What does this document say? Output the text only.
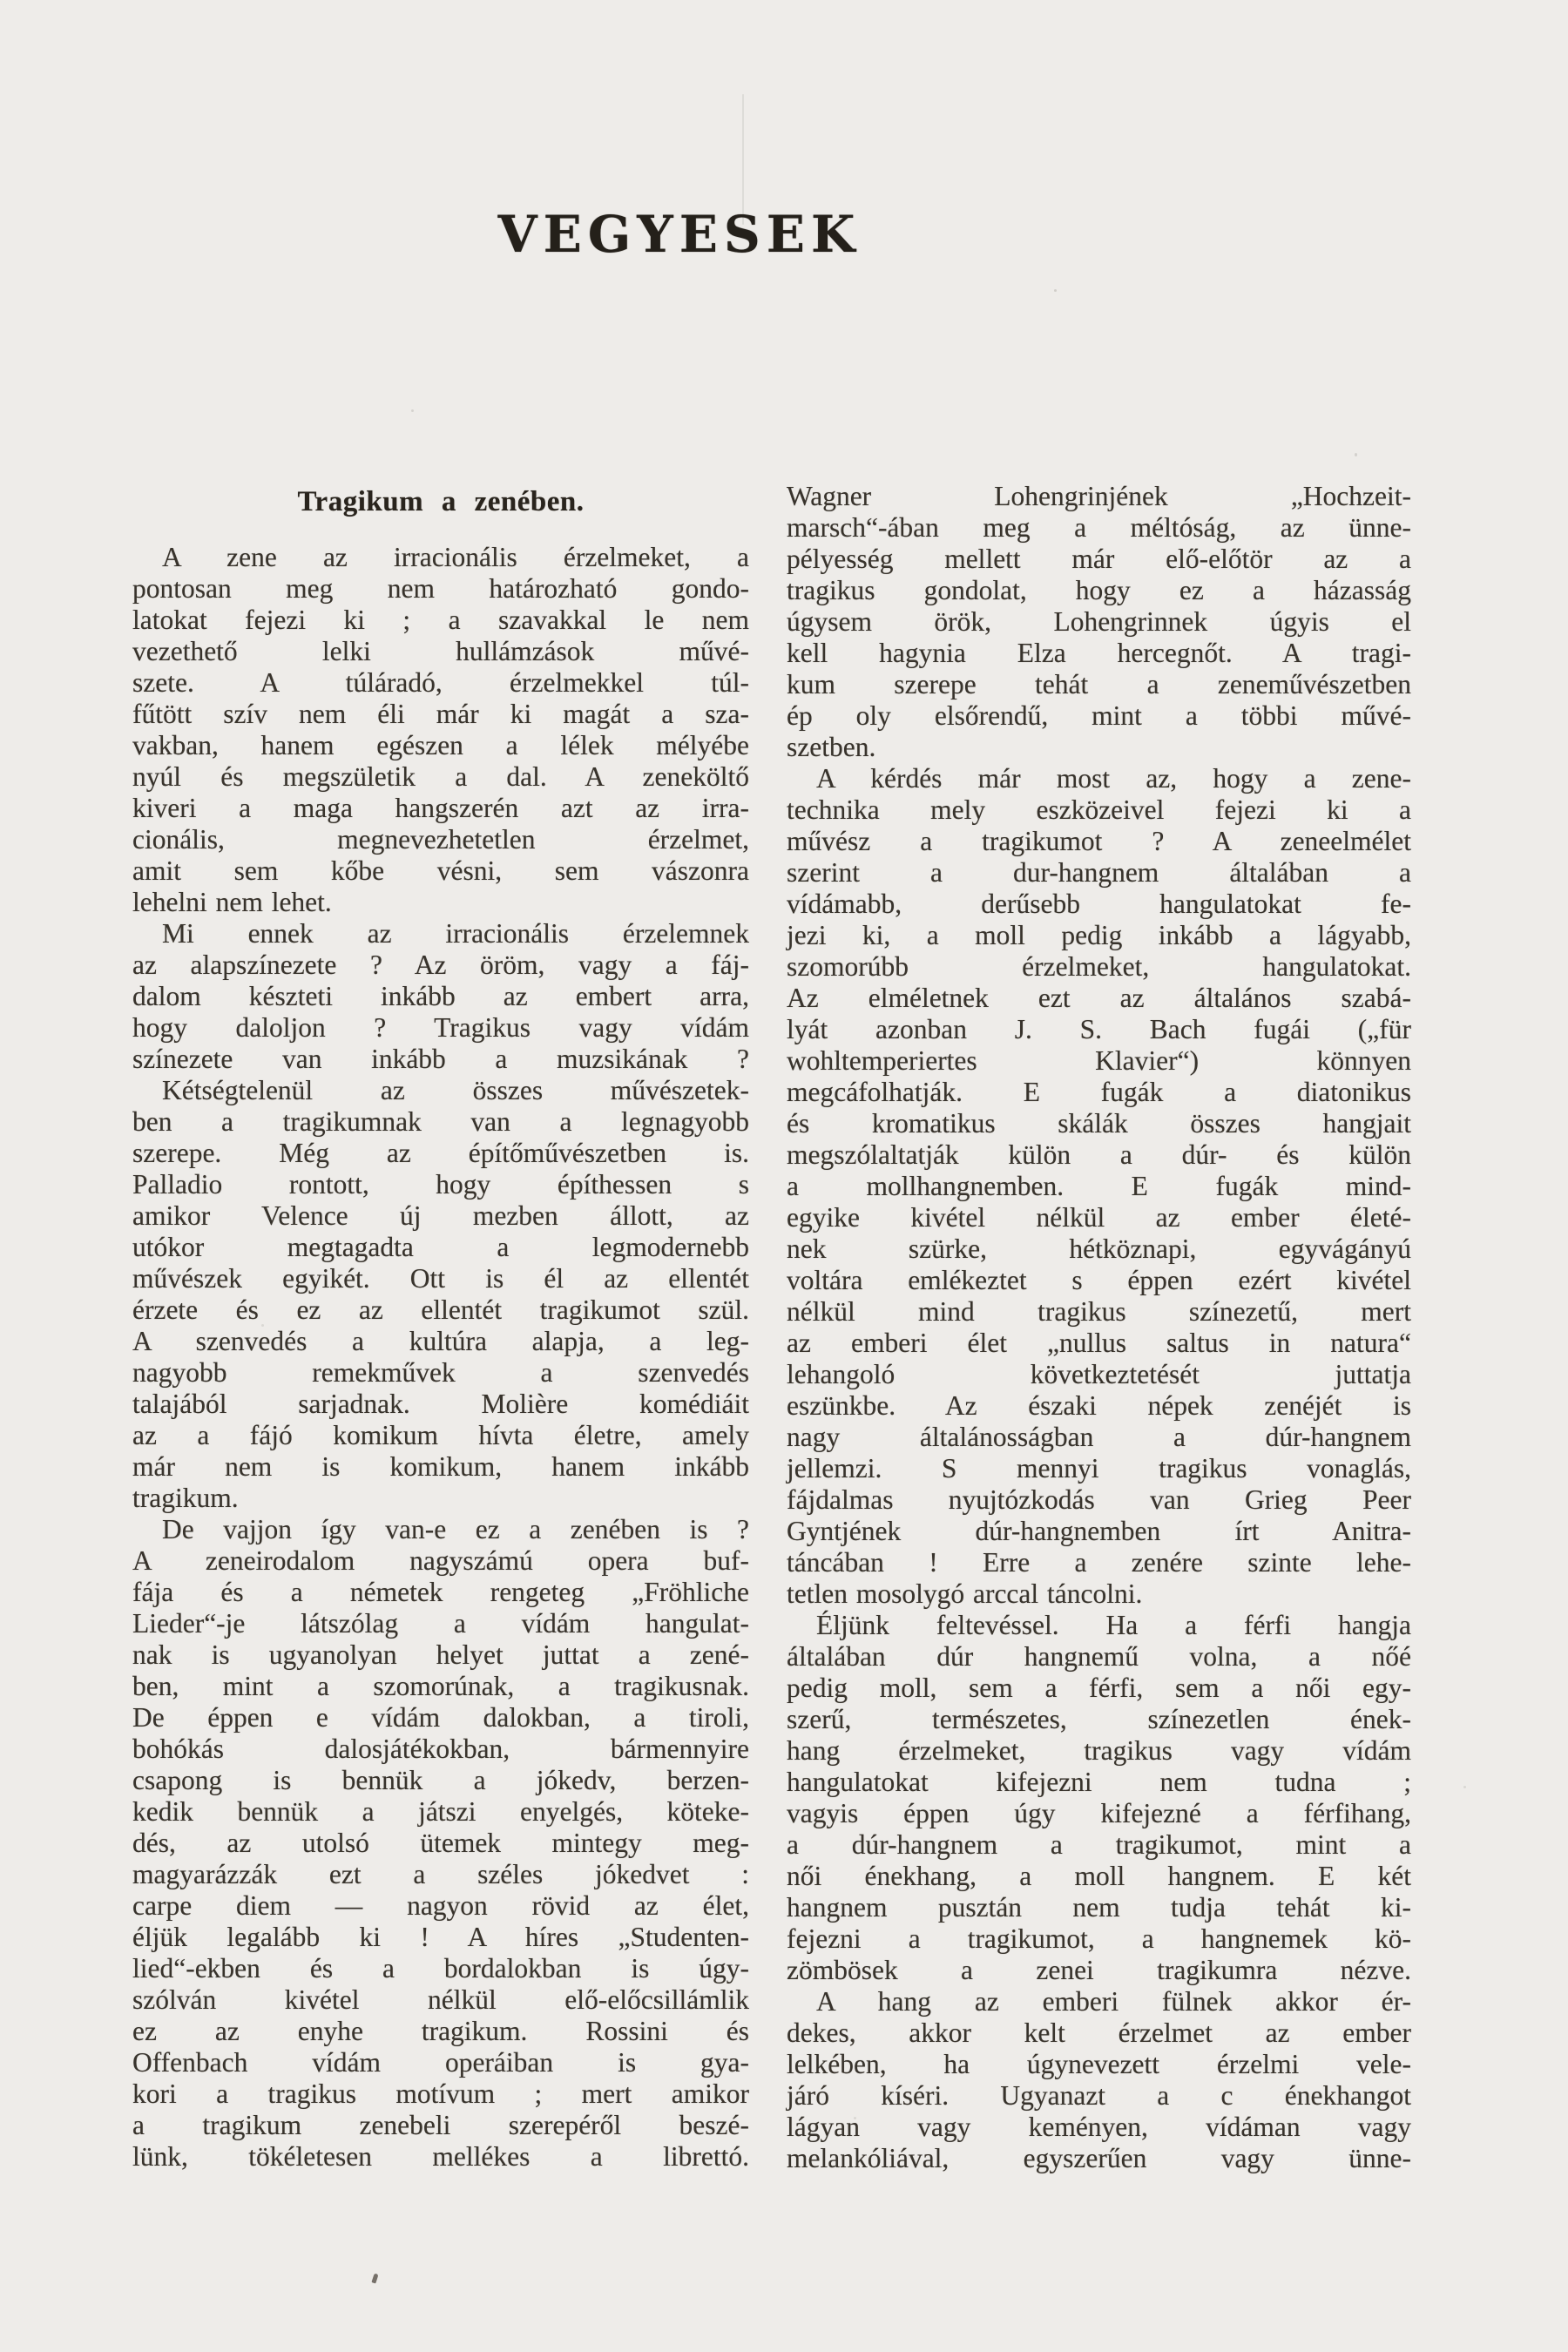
VEGYESEK
Tragikum a zenében.
A zene az irracionális érzelmeket, a
pontosan meg nem határozható gondo-
latokat fejezi ki ; a szavakkal le nem
vezethető lelki hullámzások művé-
szete. A túláradó, érzelmekkel túl-
fűtött szív nem éli már ki magát a sza-
vakban, hanem egészen a lélek mélyébe
nyúl és megszületik a dal. A zeneköltő
kiveri a maga hangszerén azt az irra-
cionális, megnevezhetetlen érzelmet,
amit sem kőbe vésni, sem vászonra
lehelni nem lehet.
Mi ennek az irracionális érzelemnek
az alapszínezete ? Az öröm, vagy a fáj-
dalom készteti inkább az embert arra,
hogy daloljon ? Tragikus vagy vídám
színezete van inkább a muzsikának ?
Kétségtelenül az összes művészetek-
ben a tragikumnak van a legnagyobb
szerepe. Még az építőművészetben is.
Palladio rontott, hogy építhessen s
amikor Velence új mezben állott, az
utókor megtagadta a legmodernebb
művészek egyikét. Ott is él az ellentét
érzete és ez az ellentét tragikumot szül.
A szenvedés a kultúra alapja, a leg-
nagyobb remekművek a szenvedés
talajából sarjadnak. Molière komédiáit
az a fájó komikum hívta életre, amely
már nem is komikum, hanem inkább
tragikum.
De vajjon így van-e ez a zenében is ?
A zeneirodalom nagyszámú opera buf-
fája és a németek rengeteg „Fröhliche
Lieder“-je látszólag a vídám hangulat-
nak is ugyanolyan helyet juttat a zené-
ben, mint a szomorúnak, a tragikusnak.
De éppen e vídám dalokban, a tiroli,
bohókás dalosjátékokban, bármennyire
csapong is bennük a jókedv, berzen-
kedik bennük a játszi enyelgés, köteke-
dés, az utolsó ütemek mintegy meg-
magyarázzák ezt a széles jókedvet :
carpe diem — nagyon rövid az élet,
éljük legalább ki ! A híres „Studenten-
lied“-ekben és a bordalokban is úgy-
szólván kivétel nélkül elő-előcsillámlik
ez az enyhe tragikum. Rossini és
Offenbach vídám operáiban is gya-
kori a tragikus motívum ; mert amikor
a tragikum zenebeli szerepéről beszé-
lünk, tökéletesen mellékes a librettó.
Wagner Lohengrinjének „Hochzeit-
marsch“-ában meg a méltóság, az ünne-
pélyesség mellett már elő-előtör az a
tragikus gondolat, hogy ez a házasság
úgysem örök, Lohengrinnek úgyis el
kell hagynia Elza hercegnőt. A tragi-
kum szerepe tehát a zeneművészetben
ép oly elsőrendű, mint a többi művé-
szetben.
A kérdés már most az, hogy a zene-
technika mely eszközeivel fejezi ki a
művész a tragikumot ? A zeneelmélet
szerint a dur-hangnem általában a
vídámabb, derűsebb hangulatokat fe-
jezi ki, a moll pedig inkább a lágyabb,
szomorúbb érzelmeket, hangulatokat.
Az elméletnek ezt az általános szabá-
lyát azonban J. S. Bach fugái („für
wohltemperiertes Klavier“) könnyen
megcáfolhatják. E fugák a diatonikus
és kromatikus skálák összes hangjait
megszólaltatják külön a dúr- és külön
a mollhangnemben. E fugák mind-
egyike kivétel nélkül az ember életé-
nek szürke, hétköznapi, egyvágányú
voltára emlékeztet s éppen ezért kivétel
nélkül mind tragikus színezetű, mert
az emberi élet „nullus saltus in natura“
lehangoló következtetését juttatja
eszünkbe. Az északi népek zenéjét is
nagy általánosságban a dúr-hangnem
jellemzi. S mennyi tragikus vonaglás,
fájdalmas nyujtózkodás van Grieg Peer
Gyntjének dúr-hangnemben írt Anitra-
táncában ! Erre a zenére szinte lehe-
tetlen mosolygó arccal táncolni.
Éljünk feltevéssel. Ha a férfi hangja
általában dúr hangnemű volna, a nőé
pedig moll, sem a férfi, sem a női egy-
szerű, természetes, színezetlen ének-
hang érzelmeket, tragikus vagy vídám
hangulatokat kifejezni nem tudna ;
vagyis éppen úgy kifejezné a férfihang,
a dúr-hangnem a tragikumot, mint a
női énekhang, a moll hangnem. E két
hangnem pusztán nem tudja tehát ki-
fejezni a tragikumot, a hangnemek kö-
zömbösek a zenei tragikumra nézve.
A hang az emberi fülnek akkor ér-
dekes, akkor kelt érzelmet az ember
lelkében, ha úgynevezett érzelmi vele-
járó kíséri. Ugyanazt a c énekhangot
lágyan vagy keményen, vídáman vagy
melankóliával, egyszerűen vagy ünne-
